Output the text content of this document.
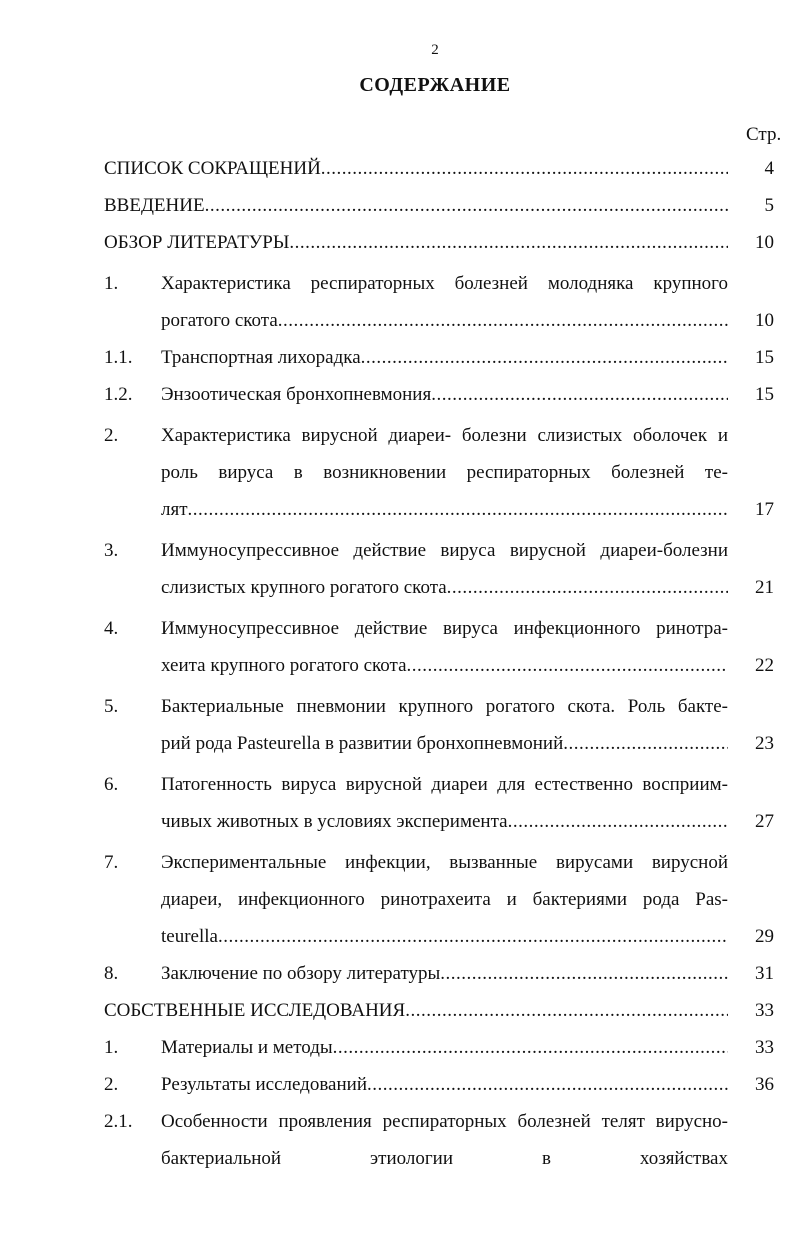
2
СОДЕРЖАНИЕ
Стр.
СПИСОК СОКРАЩЕНИЙ .....	4
ВВЕДЕНИЕ .....	5
ОБЗОР ЛИТЕРАТУРЫ .....	10
1. Характеристика респираторных болезней молодняка крупного
рогатого скота .....	10
1.1. Транспортная лихорадка .....	15
1.2. Энзоотическая бронхопневмония .....	15
2. Характеристика вирусной диареи- болезни слизистых оболочек и
роль вируса в возникновении респираторных болезней те-
лят .....	17
3. Иммуносупрессивное действие вируса вирусной диареи-болезни
слизистых крупного рогатого скота .....	21
4. Иммуносупрессивное действие вируса инфекционного ринотра-
хеита крупного рогатого скота .....	22
5. Бактериальные пневмонии крупного рогатого скота. Роль бакте-
рий рода Pasteurella в развитии бронхопневмоний .....	23
6. Патогенность вируса вирусной диареи для естественно восприим-
чивых животных в условиях эксперимента .....	27
7. Экспериментальные инфекции, вызванные вирусами вирусной
диареи, инфекционного ринотрахеита и бактериями рода Pas-
teurella .....	29
8. Заключение по обзору литературы .....	31
СОБСТВЕННЫЕ ИССЛЕДОВАНИЯ .....	33
1. Материалы и методы .....	33
2. Результаты исследований .....	36
2.1. Особенности проявления респираторных болезней телят вирусно-
бактериальной этиологии в хозяйствах
